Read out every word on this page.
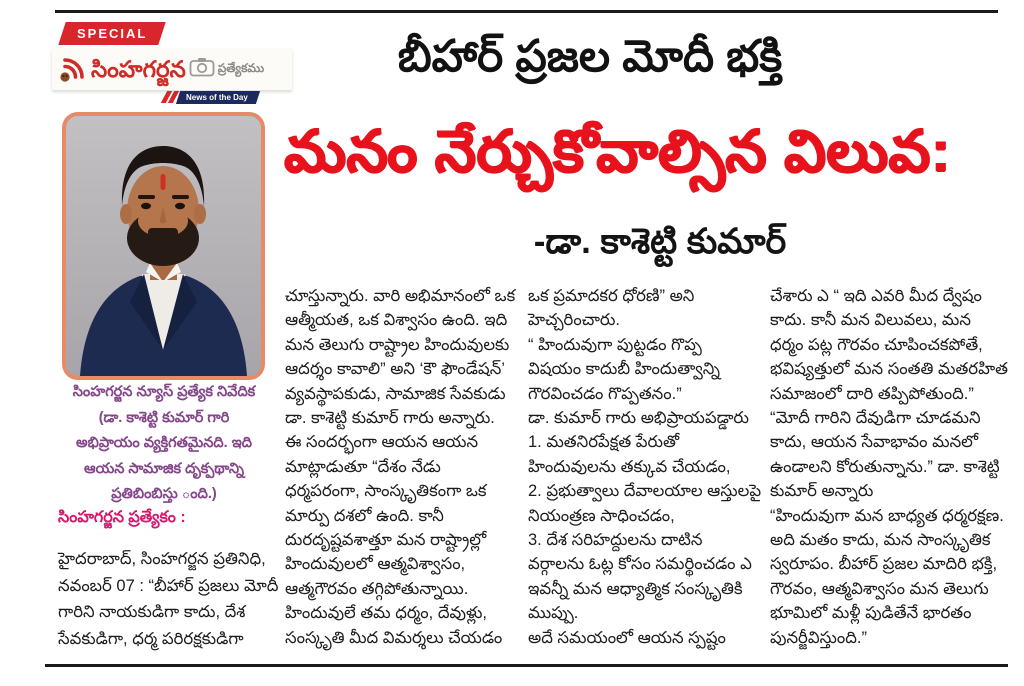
SPECIAL
సింహగర్జన	ప్రత్యేకము
News of the Day
బీహార్ ప్రజల మోదీ భక్తి
మనం నేర్చుకోవాల్సిన విలువ:
-డా. కాశెట్టి కుమార్
సింహగర్జన న్యూస్ ప్రత్యేక నివేదిక
(డా. కాశెట్టి కుమార్ గారి
అభిప్రాయం వ్యక్తిగతమైనది. ఇది
ఆయన సామాజిక దృక్పథాన్ని
ప్రతిబింబిస్తు ంది.)
సింహగర్జన ప్రత్యేకం :
హైదరాబాద్, సింహగర్జన ప్రతినిధి,
నవంబర్ 07 : “బీహార్ ప్రజలు మోదీ
గారిని నాయకుడిగా కాదు, దేశ
సేవకుడిగా, ధర్మ పరిరక్షకుడిగా
చూస్తున్నారు. వారి అభిమానంలో ఒక
ఆత్మీయత, ఒక విశ్వాసం ఉంది. ఇది
మన తెలుగు రాష్ట్రాల హిందువులకు
ఆదర్శం కావాలి” అని ‘కౌ ఫౌండేషన్’
వ్యవస్థాపకుడు, సామాజిక సేవకుడు
డా. కాశెట్టి కుమార్ గారు అన్నారు.
ఈ సందర్భంగా ఆయన ఆయన
మాట్లాడుతూ “దేశం నేడు
ధర్మపరంగా, సాంస్కృతికంగా ఒక
మార్పు దశలో ఉంది. కానీ
దురదృష్టవశాత్తూ మన రాష్ట్రాల్లో
హిందువులలో ఆత్మవిశ్వాసం,
ఆత్మగౌరవం తగ్గిపోతున్నాయి.
హిందువులే తమ ధర్మం, దేవుళ్లు,
సంస్కృతి మీద విమర్శలు చేయడం
ఒక ప్రమాదకర ధోరణి” అని
హెచ్చరించారు.
“ హిందువుగా పుట్టడం గొప్ప
విషయం కాదుబీ హిందుత్వాన్ని
గౌరవించడం గొప్పతనం.”
డా. కుమార్ గారు అభిప్రాయపడ్డారు
1. మతనిరపేక్షత పేరుతో
హిందువులను తక్కువ చేయడం,
2. ప్రభుత్వాలు దేవాలయాల ఆస్తులపై
నియంత్రణ సాధించడం,
3. దేశ సరిహద్దులను దాటిన
వర్గాలను ఓట్ల కోసం సమర్థించడం ఎ
ఇవన్నీ మన ఆధ్యాత్మిక సంస్కృతికి
ముప్పు.
అదే సమయంలో ఆయన స్పష్టం
చేశారు ఎ “ ఇది ఎవరి మీద ద్వేషం
కాదు. కానీ మన విలువలు, మన
ధర్మం పట్ల గౌరవం చూపించకపోతే,
భవిష్యత్తులో మన సంతతి మతరహిత
సమాజంలో దారి తప్పిపోతుంది.”
“మోదీ గారిని దేవుడిగా చూడమని
కాదు, ఆయన సేవాభావం మనలో
ఉండాలని కోరుతున్నాను.” డా. కాశెట్టి
కుమార్ అన్నారు
“హిందువుగా మన బాధ్యత ధర్మరక్షణ.
అది మతం కాదు, మన సాంస్కృతిక
స్వరూపం. బీహార్ ప్రజల మాదిరి భక్తి,
గౌరవం, ఆత్మవిశ్వాసం మన తెలుగు
భూమిలో మళ్లీ పుడితేనే భారతం
పునర్జీవిస్తుంది.”
